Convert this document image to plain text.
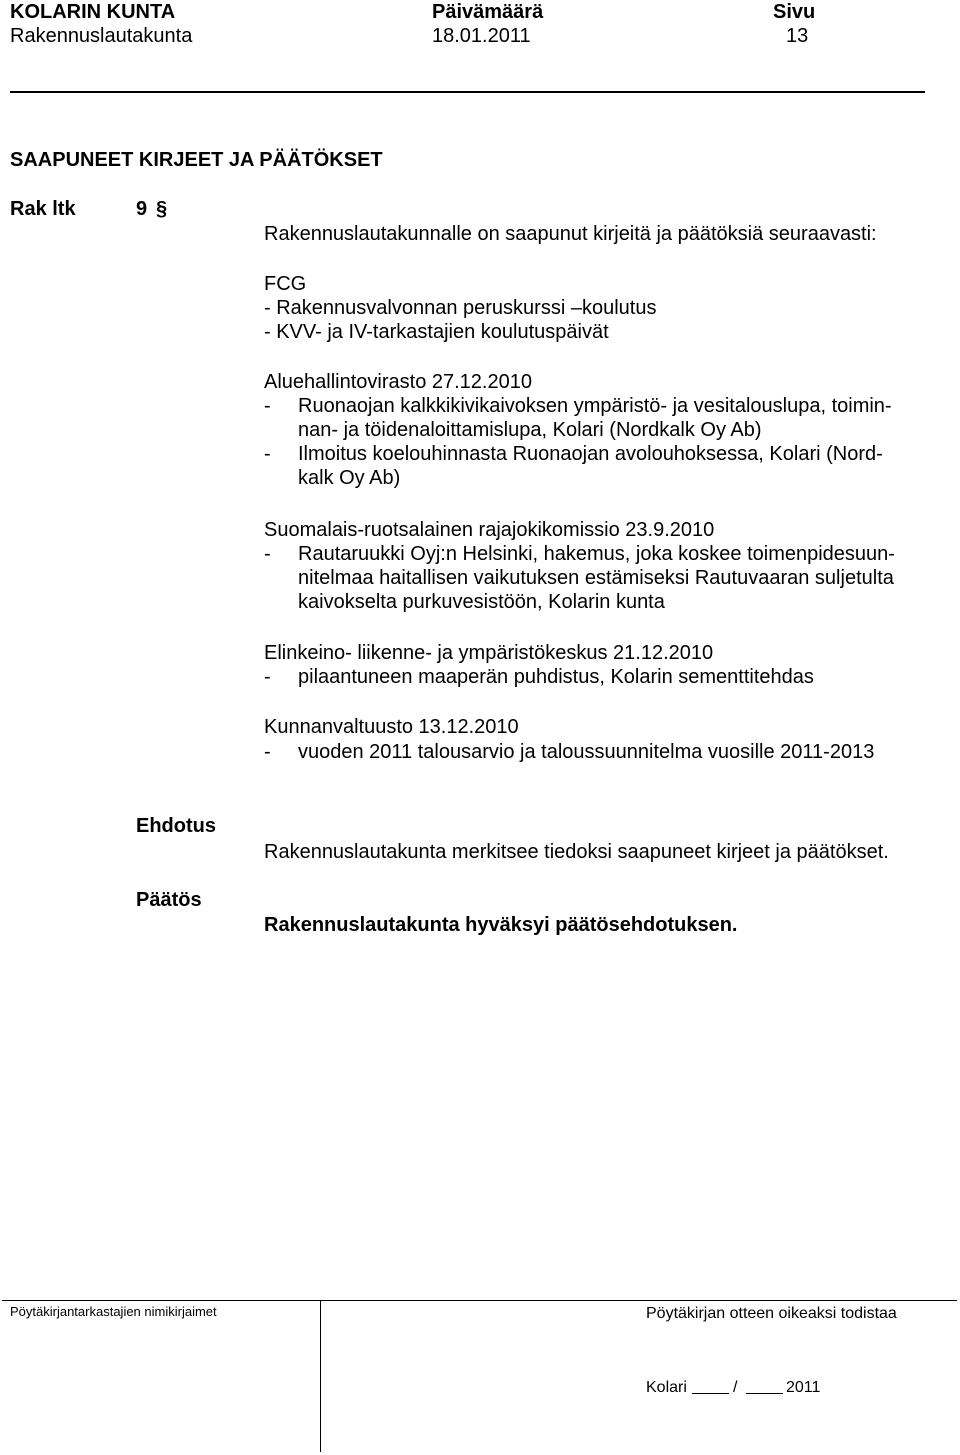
KOLARIN KUNTA
Rakennuslautakunta
Päivämäärä
18.01.2011
Sivu
13
SAAPUNEET KIRJEET JA PÄÄTÖKSET
Rak ltk	9 §
Rakennuslautakunnalle on saapunut kirjeitä ja päätöksiä seuraavasti:
FCG
- Rakennusvalvonnan peruskurssi –koulutus
- KVV- ja IV-tarkastajien koulutuspäivät
Aluehallintovirasto 27.12.2010
- Ruonaojan kalkkikivikaivoksen ympäristö- ja vesitalouslupa, toimin-
nan- ja töidenaloittamislupa, Kolari (Nordkalk Oy Ab)
- Ilmoitus koelouhinnasta Ruonaojan avolouhoksessa, Kolari (Nord-
kalk Oy Ab)
Suomalais-ruotsalainen rajajokikomissio 23.9.2010
- Rautaruukki Oyj:n Helsinki, hakemus, joka koskee toimenpidesuun-
nitelmaa haitallisen vaikutuksen estämiseksi Rautuvaaran suljetulta
kaivokselta purkuvesistöön, Kolarin kunta
Elinkeino- liikenne- ja ympäristökeskus 21.12.2010
- pilaantuneen maaperän puhdistus, Kolarin sementtitehdas
Kunnanvaltuusto 13.12.2010
- vuoden 2011 talousarvio ja taloussuunnitelma vuosille 2011-2013
Ehdotus
Rakennuslautakunta merkitsee tiedoksi saapuneet kirjeet ja päätökset.
Päätös
Rakennuslautakunta hyväksyi päätösehdotuksen.
Pöytäkirjantarkastajien nimikirjaimet	Pöytäkirjan otteen oikeaksi todistaa
Kolari	/	2011
